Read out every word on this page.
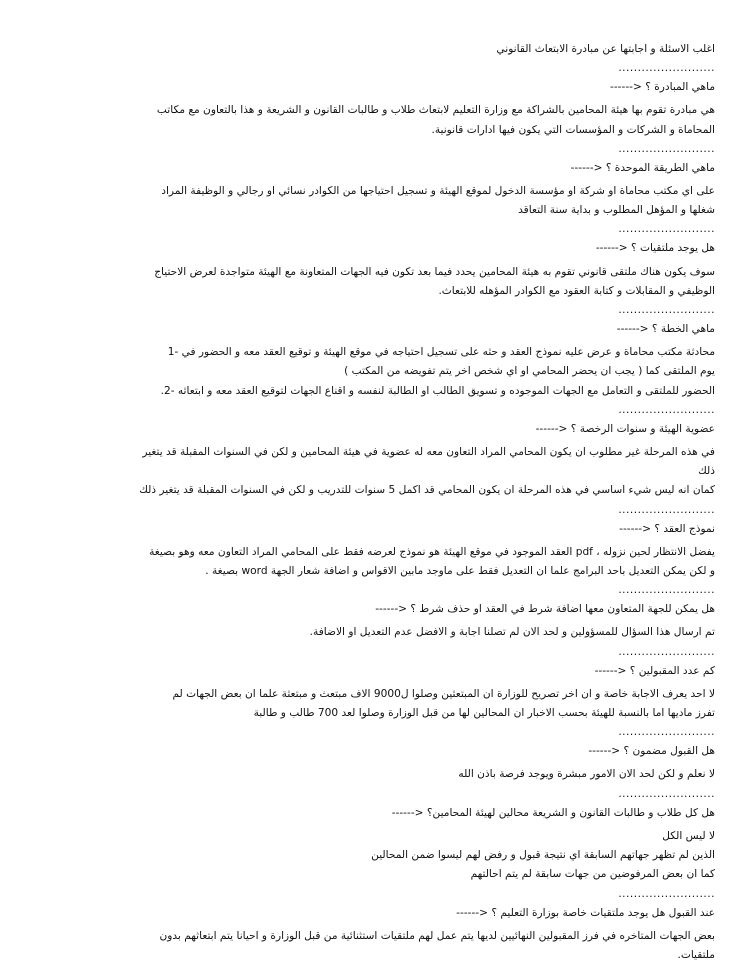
اغلب الاسئلة و اجابتها عن مبادرة الابتعاث القانوني

.........................

ماهي المبادرة ؟ <------

هي مبادرة تقوم بها هيئة المحامين بالشراكة مع وزارة التعليم لابتعاث طلاب و طالبات القانون و الشريعة و هذا بالتعاون مع مكاتب

المحاماة و الشركات و المؤسسات التي يكون فيها ادارات قانونية.

.........................

ماهي الطريقة الموحدة ؟ <------

على اي مكتب محاماة او شركة او مؤسسة الدخول لموقع الهيئة و تسجيل احتياجها من الكوادر نسائي او رجالي و الوظيفة المراد

شغلها و المؤهل المطلوب و بداية سنة التعاقد

.........................

هل يوجد ملتقيات ؟ <------

سوف يكون هناك ملتقى قانوني تقوم به هيئة المحامين يحدد فيما بعد تكون فيه الجهات المتعاونة مع الهيئة متواجدة لعرض الاحتياج

الوظيفي و المقابلات و كتابة العقود مع الكوادر المؤهله للابتعاث.

.........................

ماهي الخطة ؟ <------

محادثة مكتب محاماة و عرض عليه نموذج العقد و حثه على تسجيل احتياجه في موقع الهيئة و توقيع العقد معه و الحضور في -1

يوم الملتقى كما ( يجب ان يحضر المحامي او اي شخص اخر يتم تفويضه من المكتب )

الحضور للملتقى و التعامل مع الجهات الموجوده و تسويق الطالب او الطالبة لنفسه و اقناع الجهات لتوقيع العقد معه و ابتعاثه -2.

.........................

عضوية الهيئة و سنوات الرخصة ؟ <------

في هذه المرحلة غير مطلوب ان يكون المحامي المراد التعاون معه له عضوية في هيئة المحامين و لكن في السنوات المقبلة قد يتغير

ذلك

كمان انه ليس شيء اساسي في هذه المرحلة ان يكون المحامي قد اكمل 5 سنوات للتدريب و لكن في السنوات المقبلة قد يتغير ذلك

.........................

نموذج العقد ؟ <------

يفضل الانتظار لحين نزوله ، pdf العقد الموجود في موقع الهيئة هو نموذج لعرضه فقط على المحامي المراد التعاون معه وهو بصيغة

و لكن يمكن التعديل باحد البرامج علما ان التعديل فقط على ماوجد مابين الاقواس و اضافة شعار الجهة word بصيغة .

.........................

هل يمكن للجهة المتعاون معها اضافة شرط في العقد او حذف شرط ؟ <------

تم ارسال هذا السؤال للمسؤولين و لحد الان لم تصلنا اجابة و الافضل عدم التعديل او الاضافة.

.........................

كم عدد المقبولين ؟ <------

لا احد يعرف الاجابة خاصة و ان اخر تصريح للوزارة ان المبتعثين وصلوا ل9000 الاف مبتعث و مبتعثة علما ان بعض الجهات لم

تفرز ماديها اما بالنسبة للهيئة بحسب الاخبار ان المحالين لها من قبل الوزارة وصلوا لعد 700 طالب و طالبة

.........................

هل القبول مضمون ؟ <------

لا نعلم و لكن لحد الان الامور مبشرة ويوجد فرصة باذن الله

.........................

هل كل طلاب و طالبات القانون و الشريعة محالين لهيئة المحامين؟ <------

لا ليس الكل

الذين لم تظهر جهاتهم السابقة اي نتيجة قبول و رفض لهم ليسوا ضمن المحالين

كما ان بعض المرفوضين من جهات سابقة لم يتم احالتهم

.........................

عند القبول هل يوجد ملتقيات خاصة بوزارة التعليم ؟ <------

بعض الجهات المتاخره في فرز المقبولين النهائيين لديها يتم عمل لهم ملتقيات استثنائية من قبل الوزارة و احيانا يتم ابتعاثهم بدون

ملتقيات.
